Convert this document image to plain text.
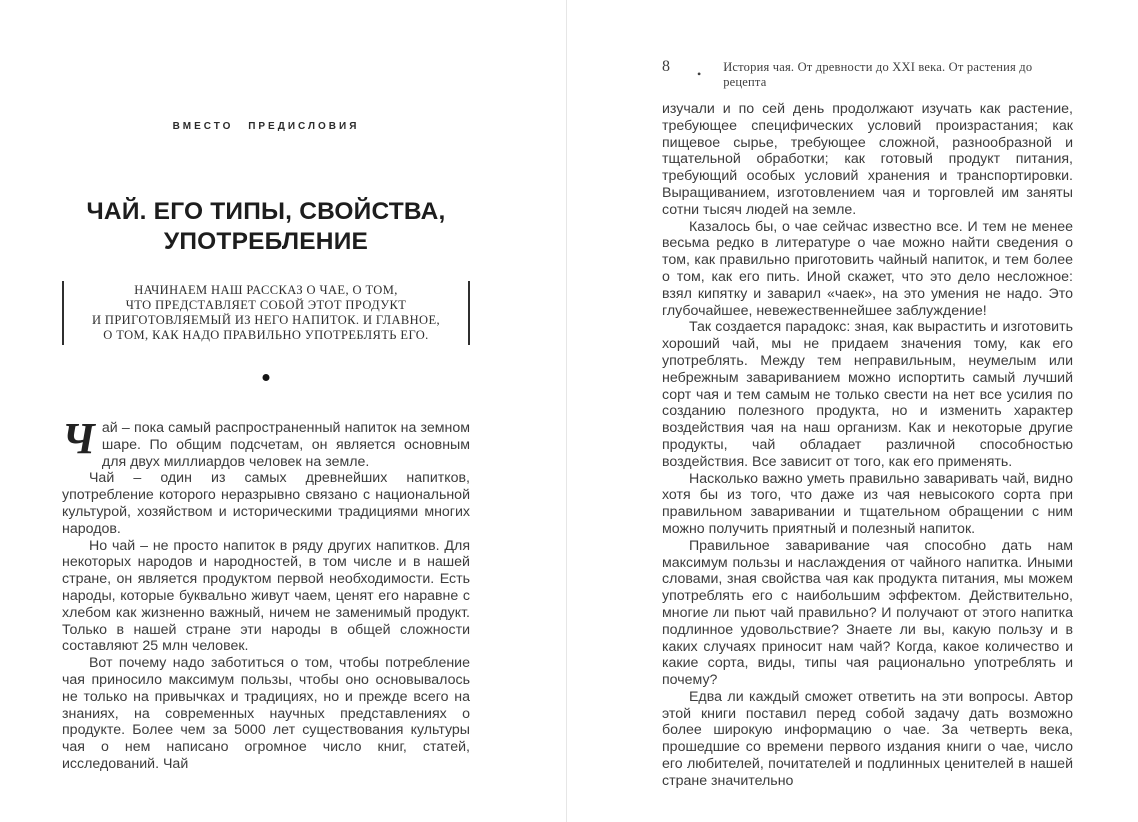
ВМЕСТО ПРЕДИСЛОВИЯ
ЧАЙ. ЕГО ТИПЫ, СВОЙСТВА,
УПОТРЕБЛЕНИЕ
НАЧИНАЕМ НАШ РАССКАЗ О ЧАЕ, О ТОМ,
ЧТО ПРЕДСТАВЛЯЕТ СОБОЙ ЭТОТ ПРОДУКТ
И ПРИГОТОВЛЯЕМЫЙ ИЗ НЕГО НАПИТОК. И ГЛАВНОЕ,
О ТОМ, КАК НАДО ПРАВИЛЬНО УПОТРЕБЛЯТЬ ЕГО.

Чай – пока самый распространенный напиток на земном шаре. По общим подсчетам, он является основным для двух миллиардов человек на земле.

Чай – один из самых древнейших напитков, употребление которого неразрывно связано с национальной культурой, хозяйством и историческими традициями многих народов.

Но чай – не просто напиток в ряду других напитков. Для некоторых народов и народностей, в том числе и в нашей стране, он является продуктом первой необходимости. Есть народы, которые буквально живут чаем, ценят его наравне с хлебом как жизненно важный, ничем не заменимый продукт. Только в нашей стране эти народы в общей сложности составляют 25 млн человек.

Вот почему надо заботиться о том, чтобы потребление чая приносило максимум пользы, чтобы оно основывалось не только на привычках и традициях, но и прежде всего на знаниях, на современных научных представлениях о продукте. Более чем за 5000 лет существования культуры чая о нем написано огромное число книг, статей, исследований. Чай

8 • История чая. От древности до XXI века. От растения до рецепта

изучали и по сей день продолжают изучать как растение, требующее специфических условий произрастания; как пищевое сырье, требующее сложной, разнообразной и тщательной обработки; как готовый продукт питания, требующий особых условий хранения и транспортировки. Выращиванием, изготовлением чая и торговлей им заняты сотни тысяч людей на земле.

Казалось бы, о чае сейчас известно все. И тем не менее весьма редко в литературе о чае можно найти сведения о том, как правильно приготовить чайный напиток, и тем более о том, как его пить. Иной скажет, что это дело несложное: взял кипятку и заварил «чаек», на это умения не надо. Это глубочайшее, невежественнейшее заблуждение!

Так создается парадокс: зная, как вырастить и изготовить хороший чай, мы не придаем значения тому, как его употреблять. Между тем неправильным, неумелым или небрежным завариванием можно испортить самый лучший сорт чая и тем самым не только свести на нет все усилия по созданию полезного продукта, но и изменить характер воздействия чая на наш организм. Как и некоторые другие продукты, чай обладает различной способностью воздействия. Все зависит от того, как его применять.

Насколько важно уметь правильно заваривать чай, видно хотя бы из того, что даже из чая невысокого сорта при правильном заваривании и тщательном обращении с ним можно получить приятный и полезный напиток.

Правильное заваривание чая способно дать нам максимум пользы и наслаждения от чайного напитка. Иными словами, зная свойства чая как продукта питания, мы можем употреблять его с наибольшим эффектом. Действительно, многие ли пьют чай правильно? И получают от этого напитка подлинное удовольствие? Знаете ли вы, какую пользу и в каких случаях приносит нам чай? Когда, какое количество и какие сорта, виды, типы чая рационально употреблять и почему?

Едва ли каждый сможет ответить на эти вопросы. Автор этой книги поставил перед собой задачу дать возможно более широкую информацию о чае. За четверть века, прошедшие со времени первого издания книги о чае, число его любителей, почитателей и подлинных ценителей в нашей стране значительно
